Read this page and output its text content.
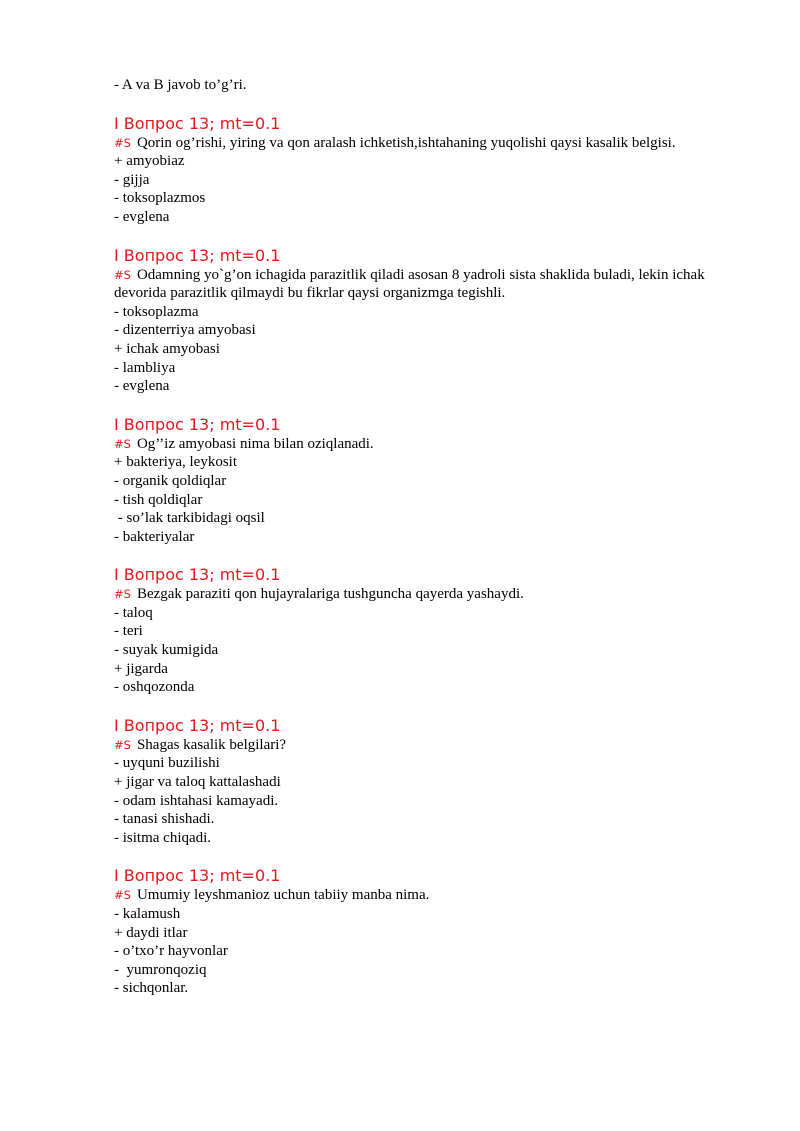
- A va B javob to’g’ri.
I Вопрос 13; mt=0.1
#S Qorin og’rishi, yiring va qon aralash ichketish,ishtahaning yuqolishi qaysi kasalik belgisi.
+ amyobiaz
- gijja
- toksoplazmos
- evglena
I Вопрос 13; mt=0.1
#S Odamning yo`g’on ichagida parazitlik qiladi asosan 8 yadroli sista shaklida buladi, lekin ichak devorida parazitlik qilmaydi bu fikrlar qaysi organizmga tegishli.
- toksoplazma
- dizenterriya amyobasi
+ ichak amyobasi
- lambliya
- evglena
I Вопрос 13; mt=0.1
#S Og’’iz amyobasi nima bilan oziqlanadi.
+ bakteriya, leykosit
- organik qoldiqlar
- tish qoldiqlar
- so’lak tarkibidagi oqsil
- bakteriyalar
I Вопрос 13; mt=0.1
#S Bezgak paraziti qon hujayralariga tushguncha qayerda yashaydi.
- taloq
- teri
- suyak kumigida
+ jigarda
- oshqozonda
I Вопрос 13; mt=0.1
#S Shagas kasalik belgilari?
- uyquni buzilishi
+ jigar va taloq kattalashadi
- odam ishtahasi kamayadi.
- tanasi shishadi.
- isitma chiqadi.
I Вопрос 13; mt=0.1
#S Umumiy leyshmanioz uchun tabiiy manba nima.
- kalamush
+ daydi itlar
- o’txo’r hayvonlar
-  yumronqoziq
- sichqonlar.
